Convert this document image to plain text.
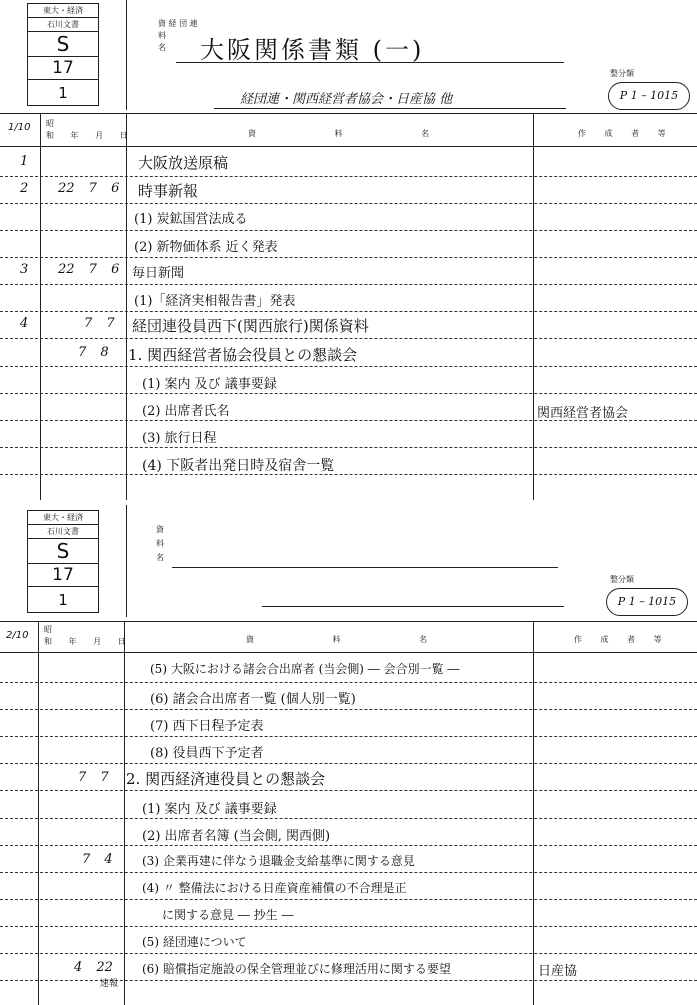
東大・経済
石川文書
S
17
1
資 経 団 連
料
名 大阪関係書類 (一)
整分類
P 1 – 1015
経団連・関西経営者協会・日産協 他
1/10 昭
和 年 月 日	資 料 名	作 成 者 等
1	大阪放送原稿
2 22 7 6 時事新報
(1) 炭鉱国営法成る
(2) 新物価体系 近く発表
3 22 7 6 毎日新聞
(1)「経済実相報告書」発表
4	7 7 経団連役員西下(関西旅行)関係資料
7 8 1. 関西経営者協会役員との懇談会
(1) 案内 及び 議事要録
(2) 出席者氏名	関西経営者協会
(3) 旅行日程
(4) 下阪者出発日時及宿舎一覧
東大・経済
石川文書
S
17
1
資
料
名
整分類
P 1 – 1015
2/10
昭
和 年 月 日	資 料 名	作 成 者 等
(5) 大阪における諸会合出席者 (当会側) ― 会合別一覧 ―
(6) 諸会合出席者一覧 (個人別一覧)
(7) 西下日程予定表
(8) 役員西下予定者
7 7 2. 関西経済連役員との懇談会
(1) 案内 及び 議事要録
(2) 出席者名簿 (当会側, 関西側)
7 4 (3) 企業再建に伴なう退職金支給基準に関する意見
(4) 〃 整備法における日産資産補償の不合理是正
に関する意見 ― 抄生 ―
(5) 経団連について
4 22 (6) 賠償指定施設の保全管理並びに修理活用に関する要望	日産協
速報
